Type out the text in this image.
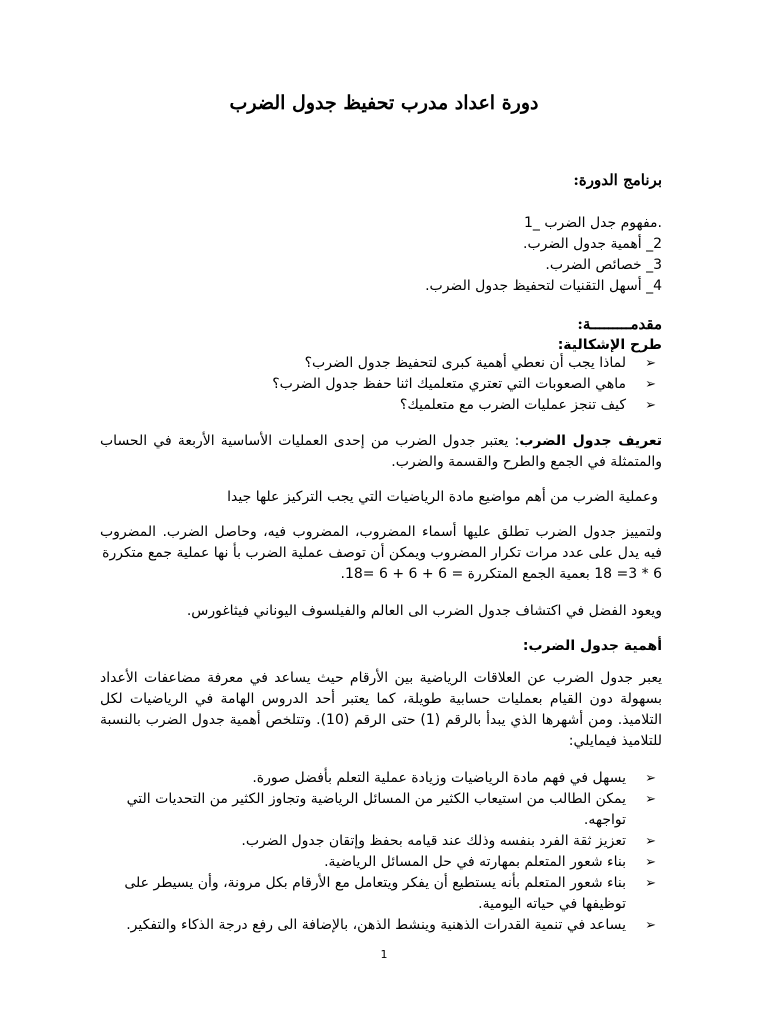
دورة اعداد مدرب تحفيظ جدول الضرب
برنامج الدورة:
.مفهوم جدل الضرب _1
2_ أهمية جدول الضرب.
3_ خصائص الضرب.
4_ أسهل التقنيات لتحفيظ جدول الضرب.
مقدمـــــــــة:
طرح الإشكالية:
➢ لماذا يجب أن نعطي أهمية كبرى لتحفيظ جدول الضرب؟
➢ ماهي الصعوبات التي تعتري متعلميك اثنا حفظ جدول الضرب؟
➢ كيف تنجز عمليات الضرب مع متعلميك؟
تعريف جدول الضرب: يعتبر جدول الضرب من إحدى العمليات الأساسية الأربعة في الحساب والمتمثلة في الجمع والطرح والقسمة والضرب.
وعملية الضرب من أهم مواضيع مادة الرياضيات التي يجب التركيز علها جيدا
ولتمييز جدول الضرب تطلق عليها أسماء المضروب، المضروب فيه، وحاصل الضرب. المضروب فيه يدل على عدد مرات تكرار المضروب ويمكن أن توصف عملية الضرب بأ نها عملية جمع متكررة
6 * 3= 18 بعمية الجمع المتكررة = 6 + 6 + 6 =18.
ويعود الفضل في اكتشاف جدول الضرب الى العالم والفيلسوف اليوناني فيثاغورس.
أهمية جدول الضرب:
يعبر جدول الضرب عن العلاقات الرياضية بين الأرقام حيث يساعد في معرفة مضاعفات الأعداد بسهولة دون القيام بعمليات حسابية طويلة، كما يعتبر أحد الدروس الهامة في الرياضيات لكل التلاميذ. ومن أشهرها الذي يبدأ بالرقم (1) حتى الرقم (10). وتتلخص أهمية جدول الضرب بالنسبة للتلاميذ فيمايلي:
➢ يسهل في فهم مادة الرياضيات وزيادة عملية التعلم بأفضل صورة.
➢ يمكن الطالب من استيعاب الكثير من المسائل الرياضية وتجاوز الكثير من التحديات التي تواجهه.
➢ تعزيز ثقة الفرد بنفسه وذلك عند قيامه بحفظ وإتقان جدول الضرب.
➢ بناء شعور المتعلم بمهارته في حل المسائل الرياضية.
➢ بناء شعور المتعلم بأنه يستطيع أن يفكر ويتعامل مع الأرقام بكل مرونة، وأن يسيطر على توظيفها في حياته اليومية.
➢ يساعد في تنمية القدرات الذهنية وينشط الذهن، بالإضافة الى رفع درجة الذكاء والتفكير.
1
